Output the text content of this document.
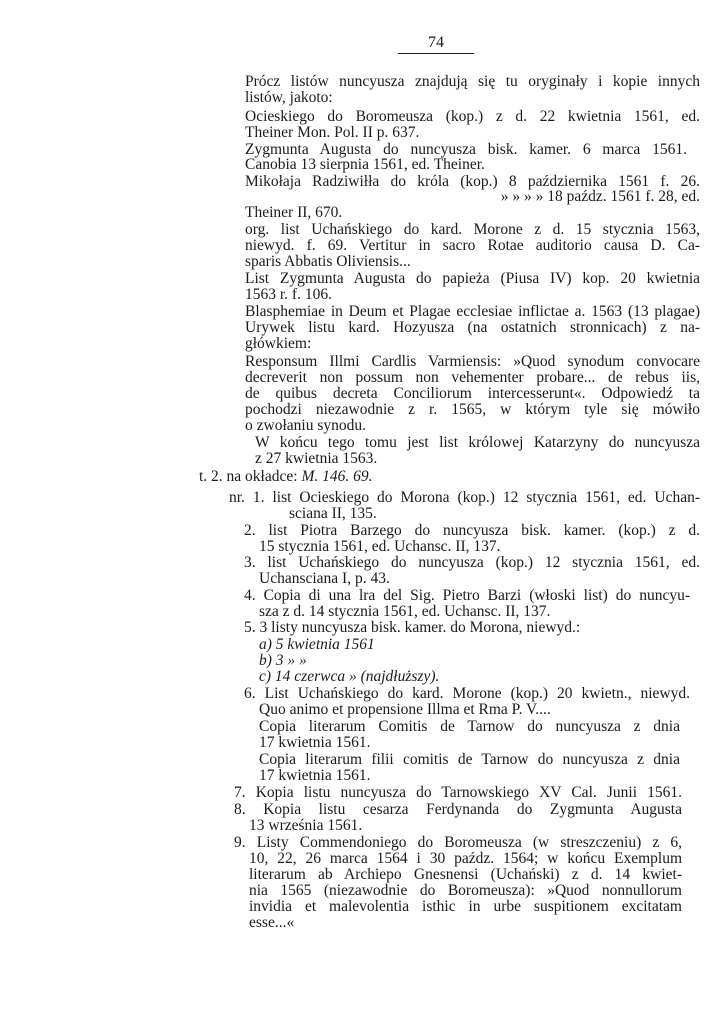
74
Prócz listów nuncyusza znajdują się tu oryginały i kopie innych
listów, jakoto:
Ocieskiego do Boromeusza (kop.) z d. 22 kwietnia 1561, ed.
Theiner Mon. Pol. II p. 637.
Zygmunta Augusta do nuncyusza bisk. kamer. 6 marca 1561.
Canobia 13 sierpnia 1561, ed. Theiner.
Mikołaja Radziwiłła do króla (kop.) 8 października 1561 f. 26.
» » » » 18 paźdz. 1561 f. 28, ed.
Theiner II, 670.
org. list Uchańskiego do kard. Morone z d. 15 stycznia 1563,
niewyd. f. 69. Vertitur in sacro Rotae auditorio causa D. Ca-
sparis Abbatis Oliviensis...
List Zygmunta Augusta do papieża (Piusa IV) kop. 20 kwietnia
1563 r. f. 106.
Blasphemiae in Deum et Plagae ecclesiae inflictae a. 1563 (13 plagae)
Urywek listu kard. Hozyusza (na ostatnich stronnicach) z na-
główkiem:
Responsum Illmi Cardlis Varmiensis: »Quod synodum convocare
decreverit non possum non vehementer probare... de rebus iis,
de quibus decreta Conciliorum intercesserunt«. Odpowiedź ta
pochodzi niezawodnie z r. 1565, w którym tyle się mówiło
o zwołaniu synodu.
W końcu tego tomu jest list królowej Katarzyny do nuncyusza
z 27 kwietnia 1563.
t. 2. na okładce: M. 146. 69.
nr. 1. list Ocieskiego do Morona (kop.) 12 stycznia 1561, ed. Uchan-
sciana II, 135.
2. list Piotra Barzego do nuncyusza bisk. kamer. (kop.) z d.
15 stycznia 1561, ed. Uchansc. II, 137.
3. list Uchańskiego do nuncyusza (kop.) 12 stycznia 1561, ed.
Uchansciana I, p. 43.
4. Copia di una lra del Sig. Pietro Barzi (włoski list) do nuncyu-
sza z d. 14 stycznia 1561, ed. Uchansc. II, 137.
5. 3 listy nuncyusza bisk. kamer. do Morona, niewyd.:
a) 5 kwietnia 1561
b) 3 » »
c) 14 czerwca » (najdłuższy).
6. List Uchańskiego do kard. Morone (kop.) 20 kwietn., niewyd.
Quo animo et propensione Illma et Rma P. V....
Copia literarum Comitis de Tarnow do nuncyusza z dnia
17 kwietnia 1561.
Copia literarum filii comitis de Tarnow do nuncyusza z dnia
17 kwietnia 1561.
7. Kopia listu nuncyusza do Tarnowskiego XV Cal. Junii 1561.
8. Kopia listu cesarza Ferdynanda do Zygmunta Augusta
13 września 1561.
9. Listy Commendoniego do Boromeusza (w streszczeniu) z 6,
10, 22, 26 marca 1564 i 30 paźdz. 1564; w końcu Exemplum
literarum ab Archiepo Gnesnensi (Uchański) z d. 14 kwiet-
nia 1565 (niezawodnie do Boromeusza): »Quod nonnullorum
invidia et malevolentia isthic in urbe suspitionem excitatam
esse...«
